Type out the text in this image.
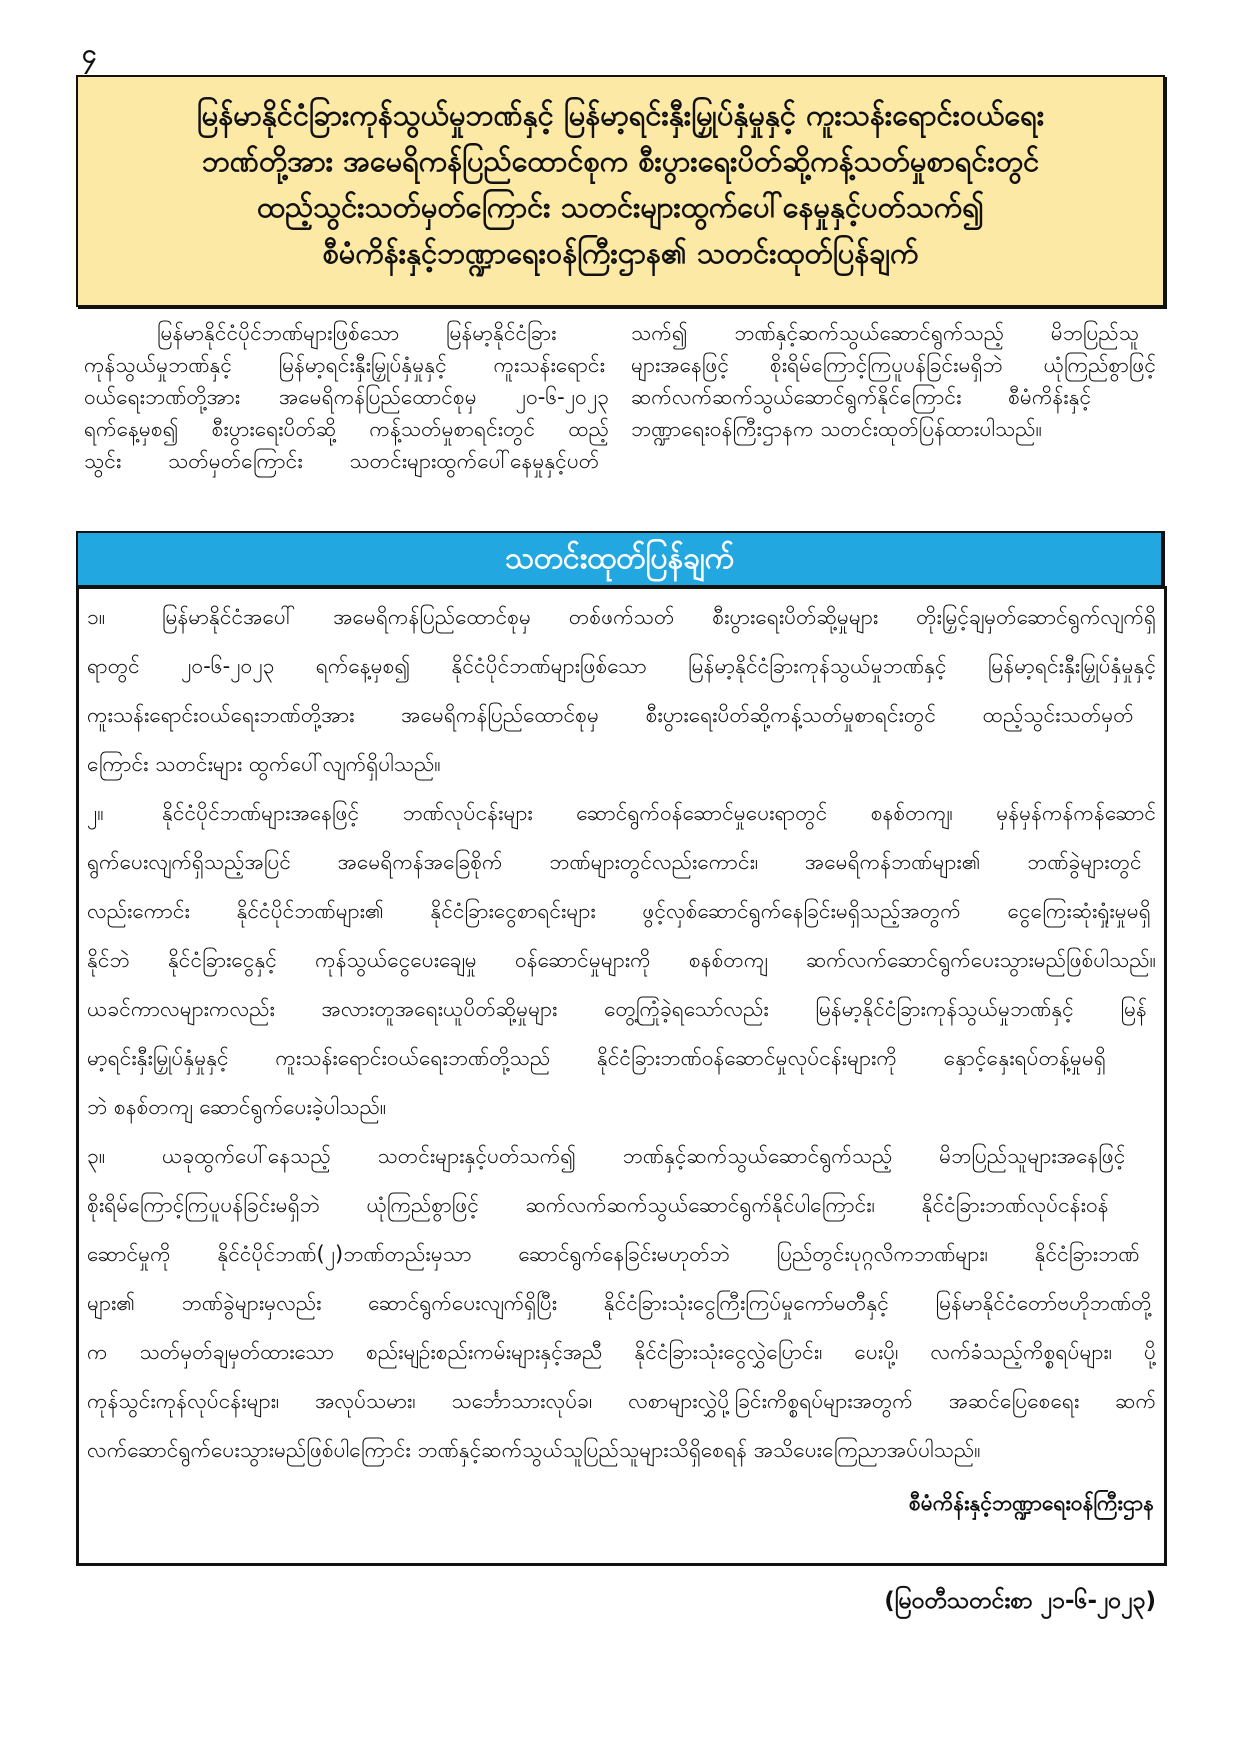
၄
မြန်မာနိုင်ငံခြားကုန်သွယ်မှုဘဏ်နှင့် မြန်မာ့ရင်းနှီးမြှုပ်နှံမှုနှင့် ကူးသန်းရောင်းဝယ်ရေး
ဘဏ်တို့အား အမေရိကန်ပြည်ထောင်စုက စီးပွားရေးပိတ်ဆို့ကန့်သတ်မှုစာရင်းတွင်
ထည့်သွင်းသတ်မှတ်ကြောင်း သတင်းများထွက်ပေါ်နေမှုနှင့်ပတ်သက်၍
စီမံကိန်းနှင့်ဘဏ္ဍာရေးဝန်ကြီးဌာန၏ သတင်းထုတ်ပြန်ချက်
မြန်မာနိုင်ငံပိုင်ဘဏ်များဖြစ်သော မြန်မာ့နိုင်ငံခြား
ကုန်သွယ်မှုဘဏ်နှင့် မြန်မာ့ရင်းနှီးမြှုပ်နှံမှုနှင့် ကူးသန်းရောင်း
ဝယ်ရေးဘဏ်တို့အား အမေရိကန်ပြည်ထောင်စုမှ ၂၀-၆-၂၀၂၃
ရက်နေ့မှစ၍ စီးပွားရေးပိတ်ဆို့ ကန့်သတ်မှုစာရင်းတွင် ထည့်
သွင်း သတ်မှတ်ကြောင်း သတင်းများထွက်ပေါ်နေမှုနှင့်ပတ်
သက်၍ ဘဏ်နှင့်ဆက်သွယ်ဆောင်ရွက်သည့် မိဘပြည်သူ
များအနေဖြင့် စိုးရိမ်ကြောင့်ကြပူပန်ခြင်းမရှိဘဲ ယုံကြည်စွာဖြင့်
ဆက်လက်ဆက်သွယ်ဆောင်ရွက်နိုင်ကြောင်း စီမံကိန်းနှင့်
ဘဏ္ဍာရေးဝန်ကြီးဌာနက သတင်းထုတ်ပြန်ထားပါသည်။
သတင်းထုတ်ပြန်ချက်
၁။	မြန်မာနိုင်ငံအပေါ် အမေရိကန်ပြည်ထောင်စုမှ တစ်ဖက်သတ် စီးပွားရေးပိတ်ဆို့မှုများ တိုးမြှင့်ချမှတ်ဆောင်ရွက်လျက်ရှိ
ရာတွင် ၂၀-၆-၂၀၂၃ ရက်နေ့မှစ၍ နိုင်ငံပိုင်ဘဏ်များဖြစ်သော မြန်မာ့နိုင်ငံခြားကုန်သွယ်မှုဘဏ်နှင့် မြန်မာ့ရင်းနှီးမြှုပ်နှံမှုနှင့်
ကူးသန်းရောင်းဝယ်ရေးဘဏ်တို့အား အမေရိကန်ပြည်ထောင်စုမှ စီးပွားရေးပိတ်ဆို့ကန့်သတ်မှုစာရင်းတွင် ထည့်သွင်းသတ်မှတ်
ကြောင်း သတင်းများ ထွက်ပေါ်လျက်ရှိပါသည်။
၂။	နိုင်ငံပိုင်ဘဏ်များအနေဖြင့် ဘဏ်လုပ်ငန်းများ ဆောင်ရွက်ဝန်ဆောင်မှုပေးရာတွင် စနစ်တကျ၊ မှန်မှန်ကန်ကန်ဆောင်
ရွက်ပေးလျက်ရှိသည့်အပြင် အမေရိကန်အခြေစိုက် ဘဏ်များတွင်လည်းကောင်း၊ အမေရိကန်ဘဏ်များ၏ ဘဏ်ခွဲများတွင်
လည်းကောင်း နိုင်ငံပိုင်ဘဏ်များ၏ နိုင်ငံခြားငွေစာရင်းများ ဖွင့်လှစ်ဆောင်ရွက်နေခြင်းမရှိသည့်အတွက် ငွေကြေးဆုံးရှုံးမှုမရှိ
နိုင်ဘဲ နိုင်ငံခြားငွေနှင့် ကုန်သွယ်ငွေပေးချေမှု ဝန်ဆောင်မှုများကို စနစ်တကျ ဆက်လက်ဆောင်ရွက်ပေးသွားမည်ဖြစ်ပါသည်။
ယခင်ကာလများကလည်း အလားတူအရေးယူပိတ်ဆို့မှုများ တွေ့ကြုံခဲ့ရသော်လည်း မြန်မာ့နိုင်ငံခြားကုန်သွယ်မှုဘဏ်နှင့် မြန်
မာ့ရင်းနှီးမြှုပ်နှံမှုနှင့် ကူးသန်းရောင်းဝယ်ရေးဘဏ်တို့သည် နိုင်ငံခြားဘဏ်ဝန်ဆောင်မှုလုပ်ငန်းများကို နှောင့်နှေးရပ်တန့်မှုမရှိ
ဘဲ စနစ်တကျ ဆောင်ရွက်ပေးခဲ့ပါသည်။
၃။	ယခုထွက်ပေါ်နေသည့် သတင်းများနှင့်ပတ်သက်၍ ဘဏ်နှင့်ဆက်သွယ်ဆောင်ရွက်သည့် မိဘပြည်သူများအနေဖြင့်
စိုးရိမ်ကြောင့်ကြပူပန်ခြင်းမရှိဘဲ ယုံကြည်စွာဖြင့် ဆက်လက်ဆက်သွယ်ဆောင်ရွက်နိုင်ပါကြောင်း၊ နိုင်ငံခြားဘဏ်လုပ်ငန်းဝန်
ဆောင်မှုကို နိုင်ငံပိုင်ဘဏ်(၂)ဘဏ်တည်းမှသာ ဆောင်ရွက်နေခြင်းမဟုတ်ဘဲ ပြည်တွင်းပုဂ္ဂလိကဘဏ်များ၊ နိုင်ငံခြားဘဏ်
များ၏ ဘဏ်ခွဲများမှလည်း ဆောင်ရွက်ပေးလျက်ရှိပြီး နိုင်ငံခြားသုံးငွေကြီးကြပ်မှုကော်မတီနှင့် မြန်မာနိုင်ငံတော်ဗဟိုဘဏ်တို့
က သတ်မှတ်ချမှတ်ထားသော စည်းမျဉ်းစည်းကမ်းများနှင့်အညီ နိုင်ငံခြားသုံးငွေလွှဲပြောင်း၊ ပေးပို့၊ လက်ခံသည့်ကိစ္စရပ်များ၊ ပို့
ကုန်သွင်းကုန်လုပ်ငန်းများ၊ အလုပ်သမား၊ သင်္ဘောသားလုပ်ခ၊ လစာများလွှဲပို့ခြင်းကိစ္စရပ်များအတွက် အဆင်ပြေစေရေး ဆက်
လက်ဆောင်ရွက်ပေးသွားမည်ဖြစ်ပါကြောင်း ဘဏ်နှင့်ဆက်သွယ်သူပြည်သူများသိရှိစေရန် အသိပေးကြေညာအပ်ပါသည်။
စီမံကိန်းနှင့်ဘဏ္ဍာရေးဝန်ကြီးဌာန
(မြဝတီသတင်းစာ ၂၁-၆-၂၀၂၃)
